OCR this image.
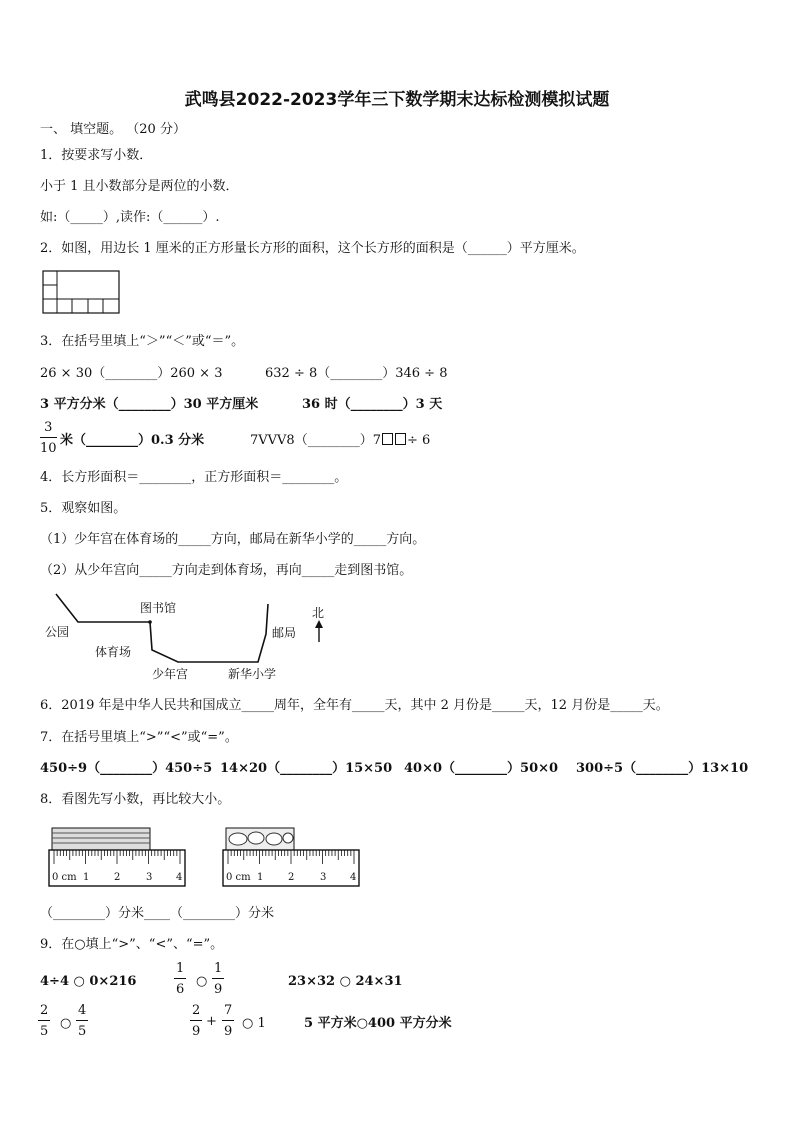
武鸣县2022-2023学年三下数学期末达标检测模拟试题
一、 填空题。 （20 分）
1．按要求写小数．
小于 1 且小数部分是两位的小数．
如:（_____）,读作:（______）.
2．如图，用边长 1 厘米的正方形量长方形的面积，这个长方形的面积是（______）平方厘米。
3．在括号里填上“＞”“＜”或“＝”。
26 × 30（________）260 × 3	632 ÷ 8（________）346 ÷ 8
3 平方分米（________）30 平方厘米	36 时（________）3 天
$\frac{3}{10}$ 米（________）0.3 分米	7VVV8（________）7 ÷ 6
4．长方形面积＝________，正方形面积＝________。
5．观察如图。
（1）少年宫在体育场的_____方向，邮局在新华小学的_____方向。
（2）从少年宫向_____方向走到体育场，再向_____走到图书馆。
公园
图书馆
体育场
少年宫	新华小学
邮局
北
6．2019 年是中华人民共和国成立_____周年，全年有_____天，其中 2 月份是_____天，12 月份是_____天。
7．在括号里填上“>”“<”或“=”。
450÷9（________）450÷5 14×20（________）15×50 40×0（________）50×0 300÷5（________）13×10
8．看图先写小数，再比较大小。
0 cm 1 2	3 4	0 cm 1 2	3 4
（________）分米____（________）分米
9．在○填上“>”、“<”、“=”。
4÷4 ○ 0×216	$\frac{1}{6}$ ○ $\frac{1}{9}$	23×32 ○ 24×31
$\frac{2}{5}$ ○ $\frac{4}{5}$	$\frac{2}{9} + \frac{7}{9}$ ○ 1	5 平方米○400 平方分米
